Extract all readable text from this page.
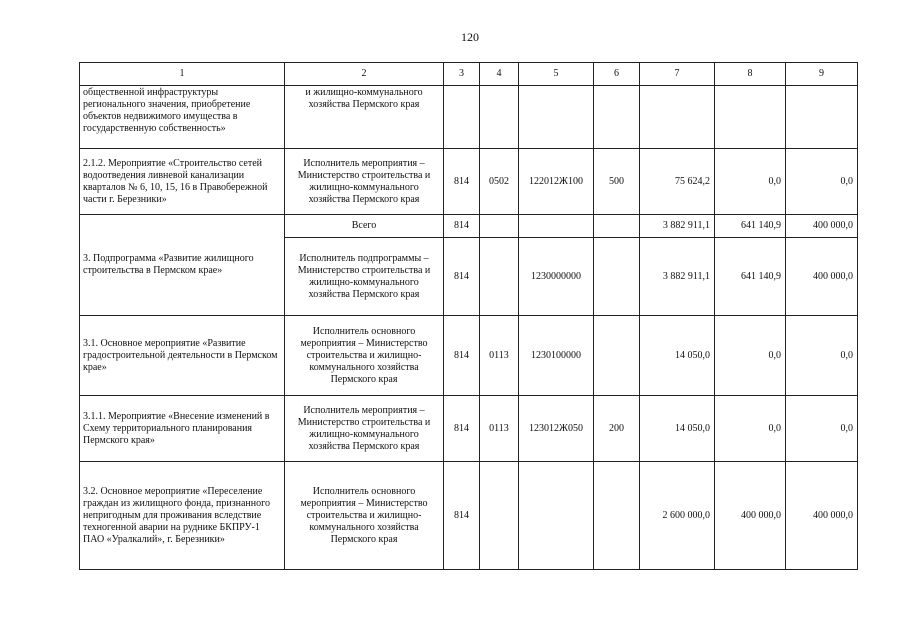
120
1	2	3	4	5	6	7	8	9
общественной инфраструктуры регионального значения, приобретение объектов недвижимого имущества в государственную собственность»	и жилищно-коммунального хозяйства Пермского края							
2.1.2. Мероприятие «Строительство сетей водоотведения ливневой канализации кварталов № 6, 10, 15, 16 в Правобережной части г. Березники»	Исполнитель мероприятия – Министерство строительства и жилищно-коммунального хозяйства Пермского края	814	0502	122012Ж100	500	75 624,2	0,0	0,0
3. Подпрограмма «Развитие жилищного строительства в Пермском крае»	Всего	814				3 882 911,1	641 140,9	400 000,0
	Исполнитель подпрограммы – Министерство строительства и жилищно-коммунального хозяйства Пермского края	814		1230000000		3 882 911,1	641 140,9	400 000,0
3.1. Основное мероприятие «Развитие градостроительной деятельности в Пермском крае»	Исполнитель основного мероприятия – Министерство строительства и жилищно-коммунального хозяйства Пермского края	814	0113	1230100000		14 050,0	0,0	0,0
3.1.1. Мероприятие «Внесение изменений в Схему территориального планирования Пермского края»	Исполнитель мероприятия – Министерство строительства и жилищно-коммунального хозяйства Пермского края	814	0113	123012Ж050	200	14 050,0	0,0	0,0
3.2. Основное мероприятие «Переселение граждан из жилищного фонда, признанного непригодным для проживания вследствие техногенной аварии на руднике БКПРУ-1 ПАО «Уралкалий», г. Березники»	Исполнитель основного мероприятия – Министерство строительства и жилищно-коммунального хозяйства Пермского края	814				2 600 000,0	400 000,0	400 000,0
